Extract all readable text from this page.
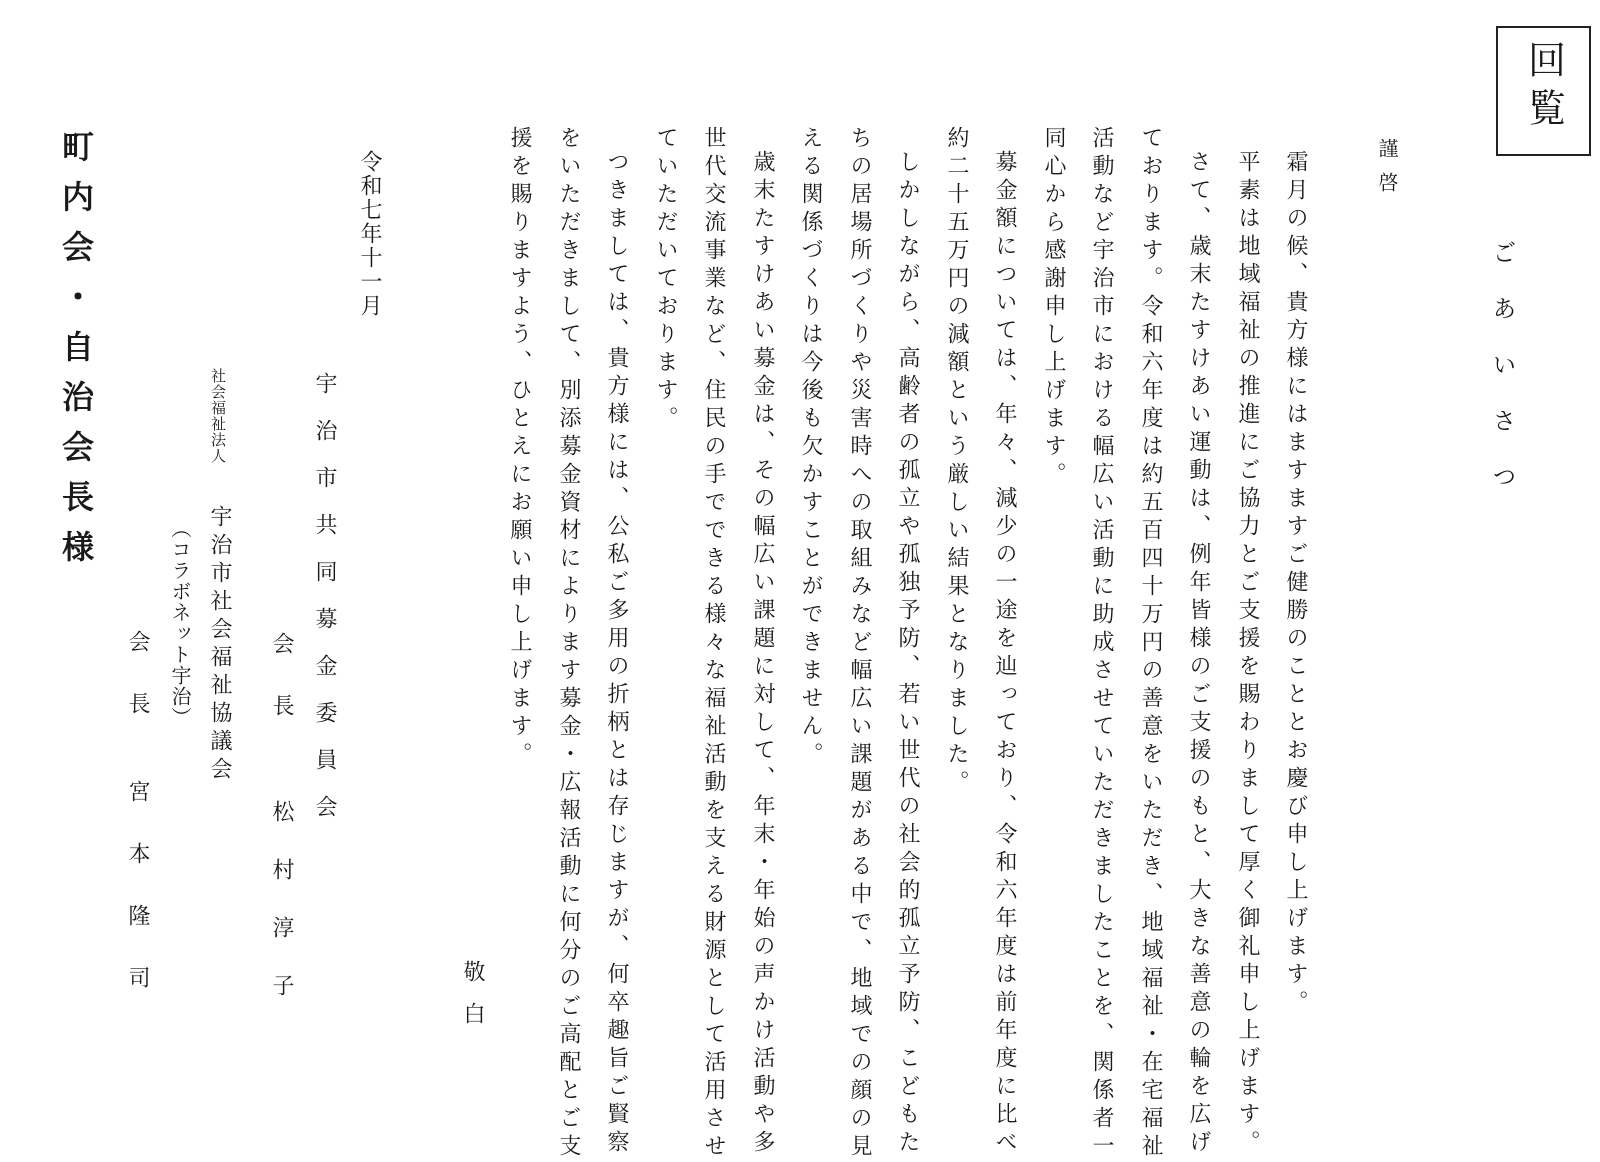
回覧
ごあいさつ
謹啓
霜月の候、貴方様にはますますご健勝のこととお慶び申し上げます。
平素は地域福祉の推進にご協力とご支援を賜わりまして厚く御礼申し上げます。
さて、歳末たすけあい運動は、例年皆様のご支援のもと、大きな善意の輪を広げ
ております。令和六年度は約五百四十万円の善意をいただき、地域福祉・在宅福祉
活動など宇治市における幅広い活動に助成させていただきましたことを、関係者一
同心から感謝申し上げます。
募金額については、年々、減少の一途を辿っており、令和六年度は前年度に比べ
約二十五万円の減額という厳しい結果となりました。
しかしながら、高齢者の孤立や孤独予防、若い世代の社会的孤立予防、こどもた
ちの居場所づくりや災害時への取組みなど幅広い課題がある中で、地域での顔の見
える関係づくりは今後も欠かすことができません。
歳末たすけあい募金は、その幅広い課題に対して、年末・年始の声かけ活動や多
世代交流事業など、住民の手でできる様々な福祉活動を支える財源として活用させ
ていただいております。
つきましては、貴方様には、公私ご多用の折柄とは存じますが、何卒趣旨ご賢察
をいただきまして、別添募金資材によります募金・広報活動に何分のご高配とご支
援を賜りますよう、ひとえにお願い申し上げます。
敬白
令和七年十一月
宇治市共同募金委員会
会長
松村淳子
社会福祉法人
宇治市社会福祉協議会
（コラボネット宇治）
会長
宮本隆司
町内会・自治会長様
